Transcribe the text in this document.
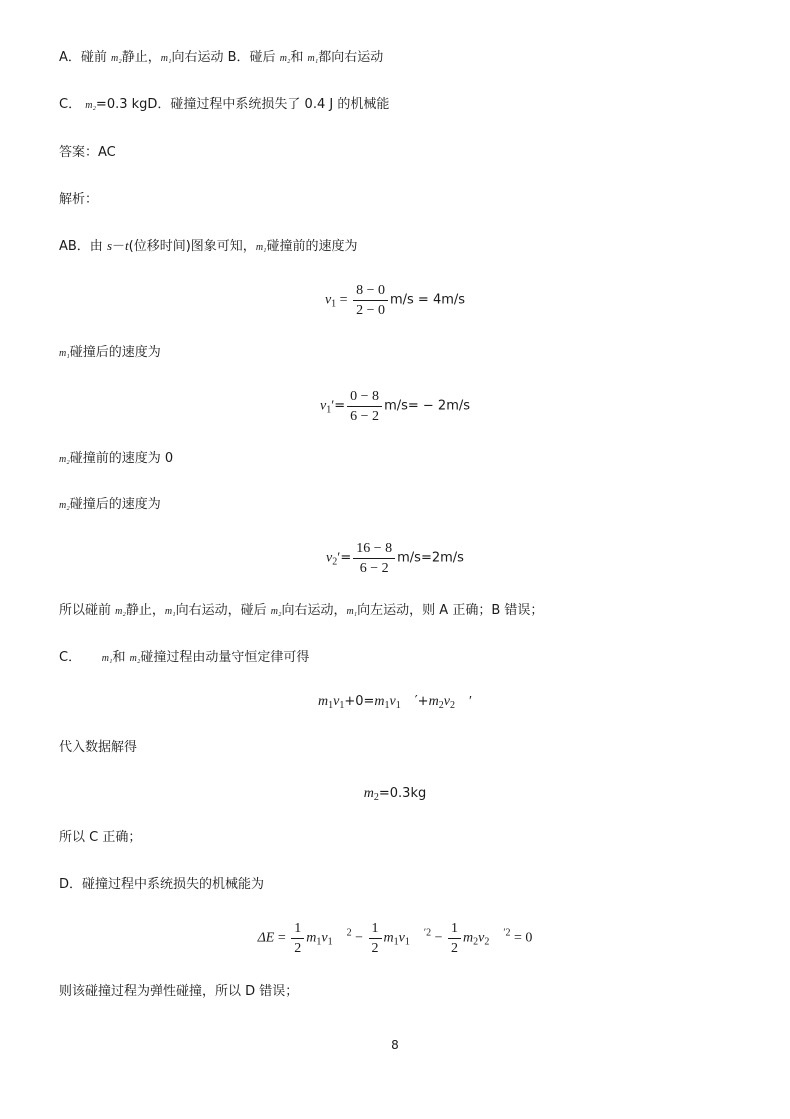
A．碰前 m₂静止，m₁向右运动 B．碰后 m₂和 m₁都向右运动
C． m₂=0.3 kgD．碰撞过程中系统损失了 0.4 J 的机械能
答案：AC
解析：
AB．由 s－t(位移时间)图象可知，m₁碰撞前的速度为
$v_1 = \frac{8 - 0}{2 - 0} m/s = 4m/s$
m₁碰撞后的速度为
$v_1'= \frac{0 - 8}{6 - 2} m/s= - 2m/s$
m₂碰撞前的速度为 0
m₂碰撞后的速度为
$v_2'= \frac{16 - 8}{6 - 2} m/s=2m/s$
所以碰前 m₂静止，m₁向右运动，碰后 m₂向右运动，m₁向左运动，则 A 正确；B 错误；
C． m₁和 m₂碰撞过程由动量守恒定律可得
$m_1v_1+0=m_1v_1$ $'+m_2v_2$ ′
代入数据解得
$m_2=0.3kg$
所以 C 正确；
D．碰撞过程中系统损失的机械能为
$\Delta E = \frac{1}{2} m_1v_1$    $^2 - \frac{1}{2} m_1v_1$    $^{'2} - \frac{1}{2} m_2v_2$    $^{'2}$ = 0
则该碰撞过程为弹性碰撞，所以 D 错误；
8
